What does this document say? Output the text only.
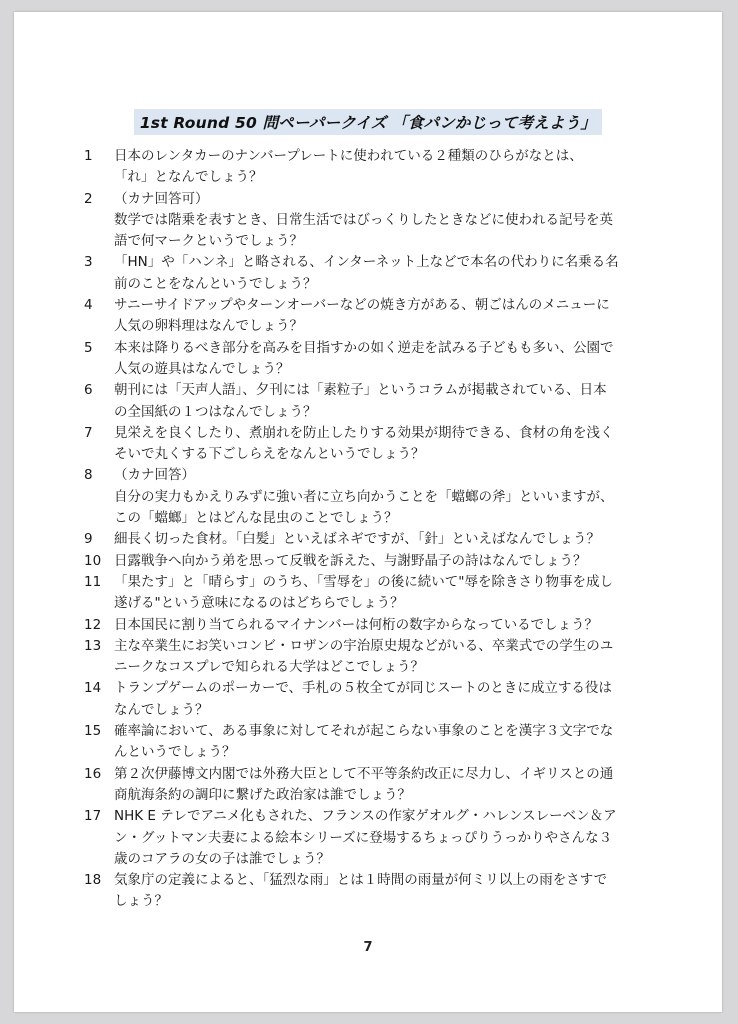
1st Round 50 問ペーパークイズ 「食パンかじって考えよう」
1	日本のレンタカーのナンバープレートに使われている２種類のひらがなとは、
「れ」となんでしょう？
2	（カナ回答可）
数学では階乗を表すとき、日常生活ではびっくりしたときなどに使われる記号を英
語で何マークというでしょう？
3	「HN」や「ハンネ」と略される、インターネット上などで本名の代わりに名乗る名
前のことをなんというでしょう？
4	サニーサイドアップやターンオーバーなどの焼き方がある、朝ごはんのメニューに
人気の卵料理はなんでしょう？
5	本来は降りるべき部分を高みを目指すかの如く逆走を試みる子どもも多い、公園で
人気の遊具はなんでしょう？
6	朝刊には「天声人語」、夕刊には「素粒子」というコラムが掲載されている、日本
の全国紙の１つはなんでしょう？
7	見栄えを良くしたり、煮崩れを防止したりする効果が期待できる、食材の角を浅く
そいで丸くする下ごしらえをなんというでしょう？
8	（カナ回答）
自分の実力もかえりみずに強い者に立ち向かうことを「蟷螂の斧」といいますが、
この「蟷螂」とはどんな昆虫のことでしょう？
9	細長く切った食材。「白髪」といえばネギですが、「針」といえばなんでしょう？
10 日露戦争へ向かう弟を思って反戦を訴えた、与謝野晶子の詩はなんでしょう？
11 「果たす」と「晴らす」のうち、「雪辱を」の後に続いて"辱を除きさり物事を成し
遂げる"という意味になるのはどちらでしょう？
12 日本国民に割り当てられるマイナンバーは何桁の数字からなっているでしょう？
13 主な卒業生にお笑いコンビ・ロザンの宇治原史規などがいる、卒業式での学生のユ
ニークなコスプレで知られる大学はどこでしょう？
14 トランプゲームのポーカーで、手札の５枚全てが同じスートのときに成立する役は
なんでしょう？
15 確率論において、ある事象に対してそれが起こらない事象のことを漢字３文字でな
んというでしょう？
16 第２次伊藤博文内閣では外務大臣として不平等条約改正に尽力し、イギリスとの通
商航海条約の調印に繋げた政治家は誰でしょう？
17 NHK E テレでアニメ化もされた、フランスの作家ゲオルグ・ハレンスレーベン＆ア
ン・グットマン夫妻による絵本シリーズに登場するちょっぴりうっかりやさんな３
歳のコアラの女の子は誰でしょう？
18 気象庁の定義によると、「猛烈な雨」とは１時間の雨量が何ミリ以上の雨をさすで
しょう？
7
